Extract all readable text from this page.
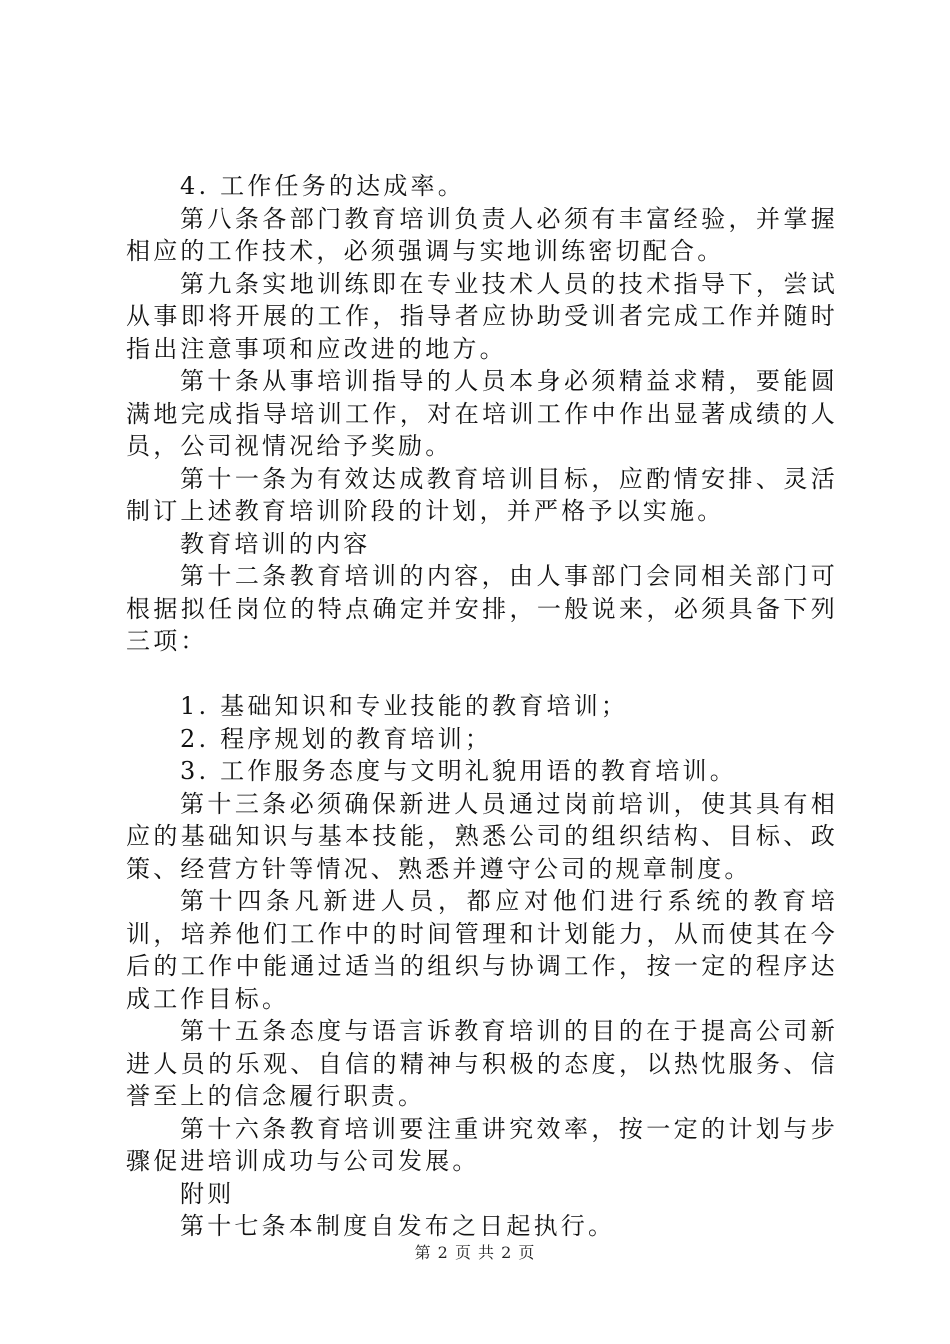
4. 工作任务的达成率。

第八条各部门教育培训负责人必须有丰富经验，并掌握相应的工作技术，必须强调与实地训练密切配合。

第九条实地训练即在专业技术人员的技术指导下，尝试从事即将开展的工作，指导者应协助受训者完成工作并随时指出注意事项和应改进的地方。

第十条从事培训指导的人员本身必须精益求精，要能圆满地完成指导培训工作，对在培训工作中作出显著成绩的人员，公司视情况给予奖励。

第十一条为有效达成教育培训目标，应酌情安排、灵活制订上述教育培训阶段的计划，并严格予以实施。

教育培训的内容

第十二条教育培训的内容，由人事部门会同相关部门可根据拟任岗位的特点确定并安排，一般说来，必须具备下列三项：

1. 基础知识和专业技能的教育培训；

2. 程序规划的教育培训；

3. 工作服务态度与文明礼貌用语的教育培训。

第十三条必须确保新进人员通过岗前培训，使其具有相应的基础知识与基本技能，熟悉公司的组织结构、目标、政策、经营方针等情况、熟悉并遵守公司的规章制度。

第十四条凡新进人员，都应对他们进行系统的教育培训，培养他们工作中的时间管理和计划能力，从而使其在今后的工作中能通过适当的组织与协调工作，按一定的程序达成工作目标。

第十五条态度与语言诉教育培训的目的在于提高公司新进人员的乐观、自信的精神与积极的态度，以热忱服务、信誉至上的信念履行职责。

第十六条教育培训要注重讲究效率，按一定的计划与步骤促进培训成功与公司发展。

附则

第十七条本制度自发布之日起执行。

第 2 页 共 2 页
